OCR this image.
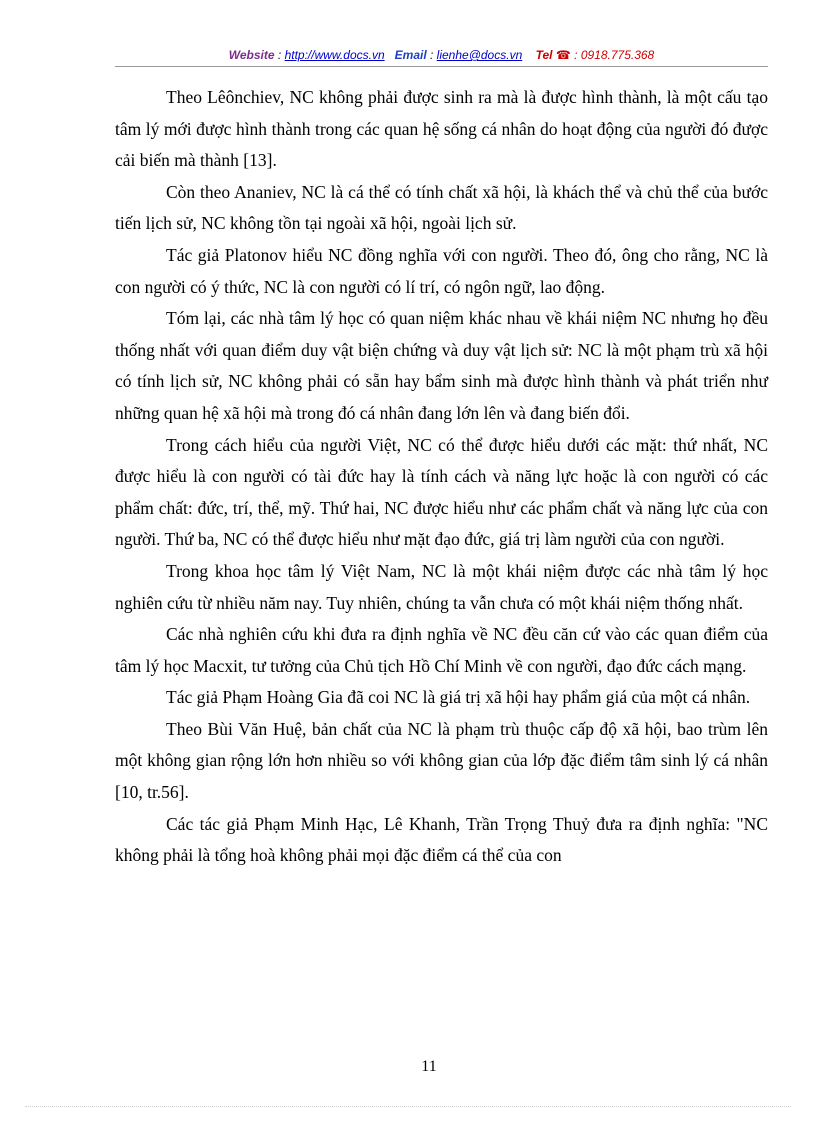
Website : http://www.docs.vn Email : lienhe@docs.vn Tel ☎ : 0918.775.368

Theo Lêônchiev, NC không phải được sinh ra mà là được hình thành, là một cấu tạo tâm lý mới được hình thành trong các quan hệ sống cá nhân do hoạt động của người đó được cải biến mà thành [13].

Còn theo Ananiev, NC là cá thể có tính chất xã hội, là khách thể và chủ thể của bước tiến lịch sử, NC không tồn tại ngoài xã hội, ngoài lịch sử.

Tác giả Platonov hiểu NC đồng nghĩa với con người. Theo đó, ông cho rằng, NC là con người có ý thức, NC là con người có lí trí, có ngôn ngữ, lao động.

Tóm lại, các nhà tâm lý học có quan niệm khác nhau về khái niệm NC nhưng họ đều thống nhất với quan điểm duy vật biện chứng và duy vật lịch sử: NC là một phạm trù xã hội có tính lịch sử, NC không phải có sẵn hay bẩm sinh mà được hình thành và phát triển như những quan hệ xã hội mà trong đó cá nhân đang lớn lên và đang biến đổi.

Trong cách hiểu của người Việt, NC có thể được hiểu dưới các mặt: thứ nhất, NC được hiểu là con người có tài đức hay là tính cách và năng lực hoặc là con người có các phẩm chất: đức, trí, thể, mỹ. Thứ hai, NC được hiểu như các phẩm chất và năng lực của con người. Thứ ba, NC có thể được hiểu như mặt đạo đức, giá trị làm người của con người.

Trong khoa học tâm lý Việt Nam, NC là một khái niệm được các nhà tâm lý học nghiên cứu từ nhiều năm nay. Tuy nhiên, chúng ta vẫn chưa có một khái niệm thống nhất.

Các nhà nghiên cứu khi đưa ra định nghĩa về NC đều căn cứ vào các quan điểm của tâm lý học Macxit, tư tưởng của Chủ tịch Hồ Chí Minh về con người, đạo đức cách mạng.

Tác giả Phạm Hoàng Gia đã coi NC là giá trị xã hội hay phẩm giá của một cá nhân.

Theo Bùi Văn Huệ, bản chất của NC là phạm trù thuộc cấp độ xã hội, bao trùm lên một không gian rộng lớn hơn nhiều so với không gian của lớp đặc điểm tâm sinh lý cá nhân [10, tr.56].

Các tác giả Phạm Minh Hạc, Lê Khanh, Trần Trọng Thuỷ đưa ra định nghĩa: "NC không phải là tổng hoà không phải mọi đặc điểm cá thể của con

11
